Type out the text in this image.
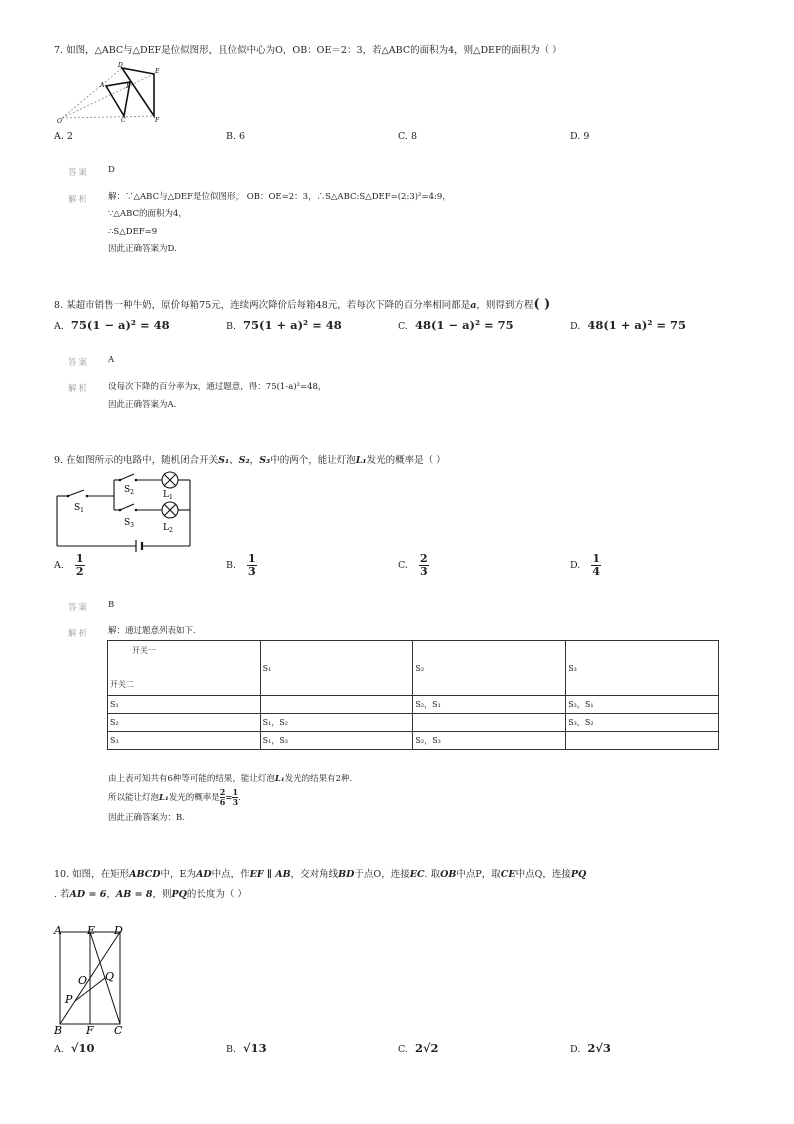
7. 如图，△ABC与△DEF是位似图形，且位似中心为O，OB：OE＝2：3，若△ABC的面积为4，则△DEF的面积为（ ）
O
A
D
E
B
C	F
A. 2	B. 6	C. 8	D. 9
答案 D
解析 解：∵△ABC与△DEF是位似图形， OB：OE=2：3，∴S△ABC:S△DEF=(2:3)²=4:9，
∵△ABC的面积为4，
∴S△DEF=9
因此正确答案为D.
8. 某超市销售一种牛奶，原价每箱75元，连续两次降价后每箱48元，若每次下降的百分率相同都是a，则得到方程( )
A. 75(1 − a)² = 48	B. 75(1 + a)² = 48	C. 48(1 − a)² = 75	D. 48(1 + a)² = 75
答案 A
解析 设每次下降的百分率为x，通过题意，得：75(1-a)²=48，
因此正确答案为A.
9. 在如图所示的电路中，随机闭合开关S₁、S₂，S₃中的两个，能让灯泡L₁发光的概率是（ ）
$S_1$
$S_2$
$S_3$
$L_1$
$L_2$
A. $\frac{1}{2}$	B. $\frac{1}{3}$	C. $\frac{2}{3}$	D. $\frac{1}{4}$
答案 B
解析 解：通过题意列表如下.
开关一
开关二	S₁	S₂	S₃
S₁		S₂，S₁	S₃，S₁
S₂	S₁，S₂		S₃，S₂
S₃	S₁，S₃	S₂，S₃	
由上表可知共有6种等可能的结果，能让灯泡L₁发光的结果有2种.
所以能让灯泡L₁发光的概率是 $\frac{2}{6} = \frac{1}{3}$ .
因此正确答案为：B.
10. 如图，在矩形ABCD中，E为AD中点，作EF ∥ AB，交对角线BD于点O，连接EC. 取OB中点P，取CE中点Q，连接PQ
. 若AD = 6，AB = 8，则PQ的长度为（ ）
A E D
O Q
P
B F C
A. √10	B. √13	C. 2√2	D. 2√3
